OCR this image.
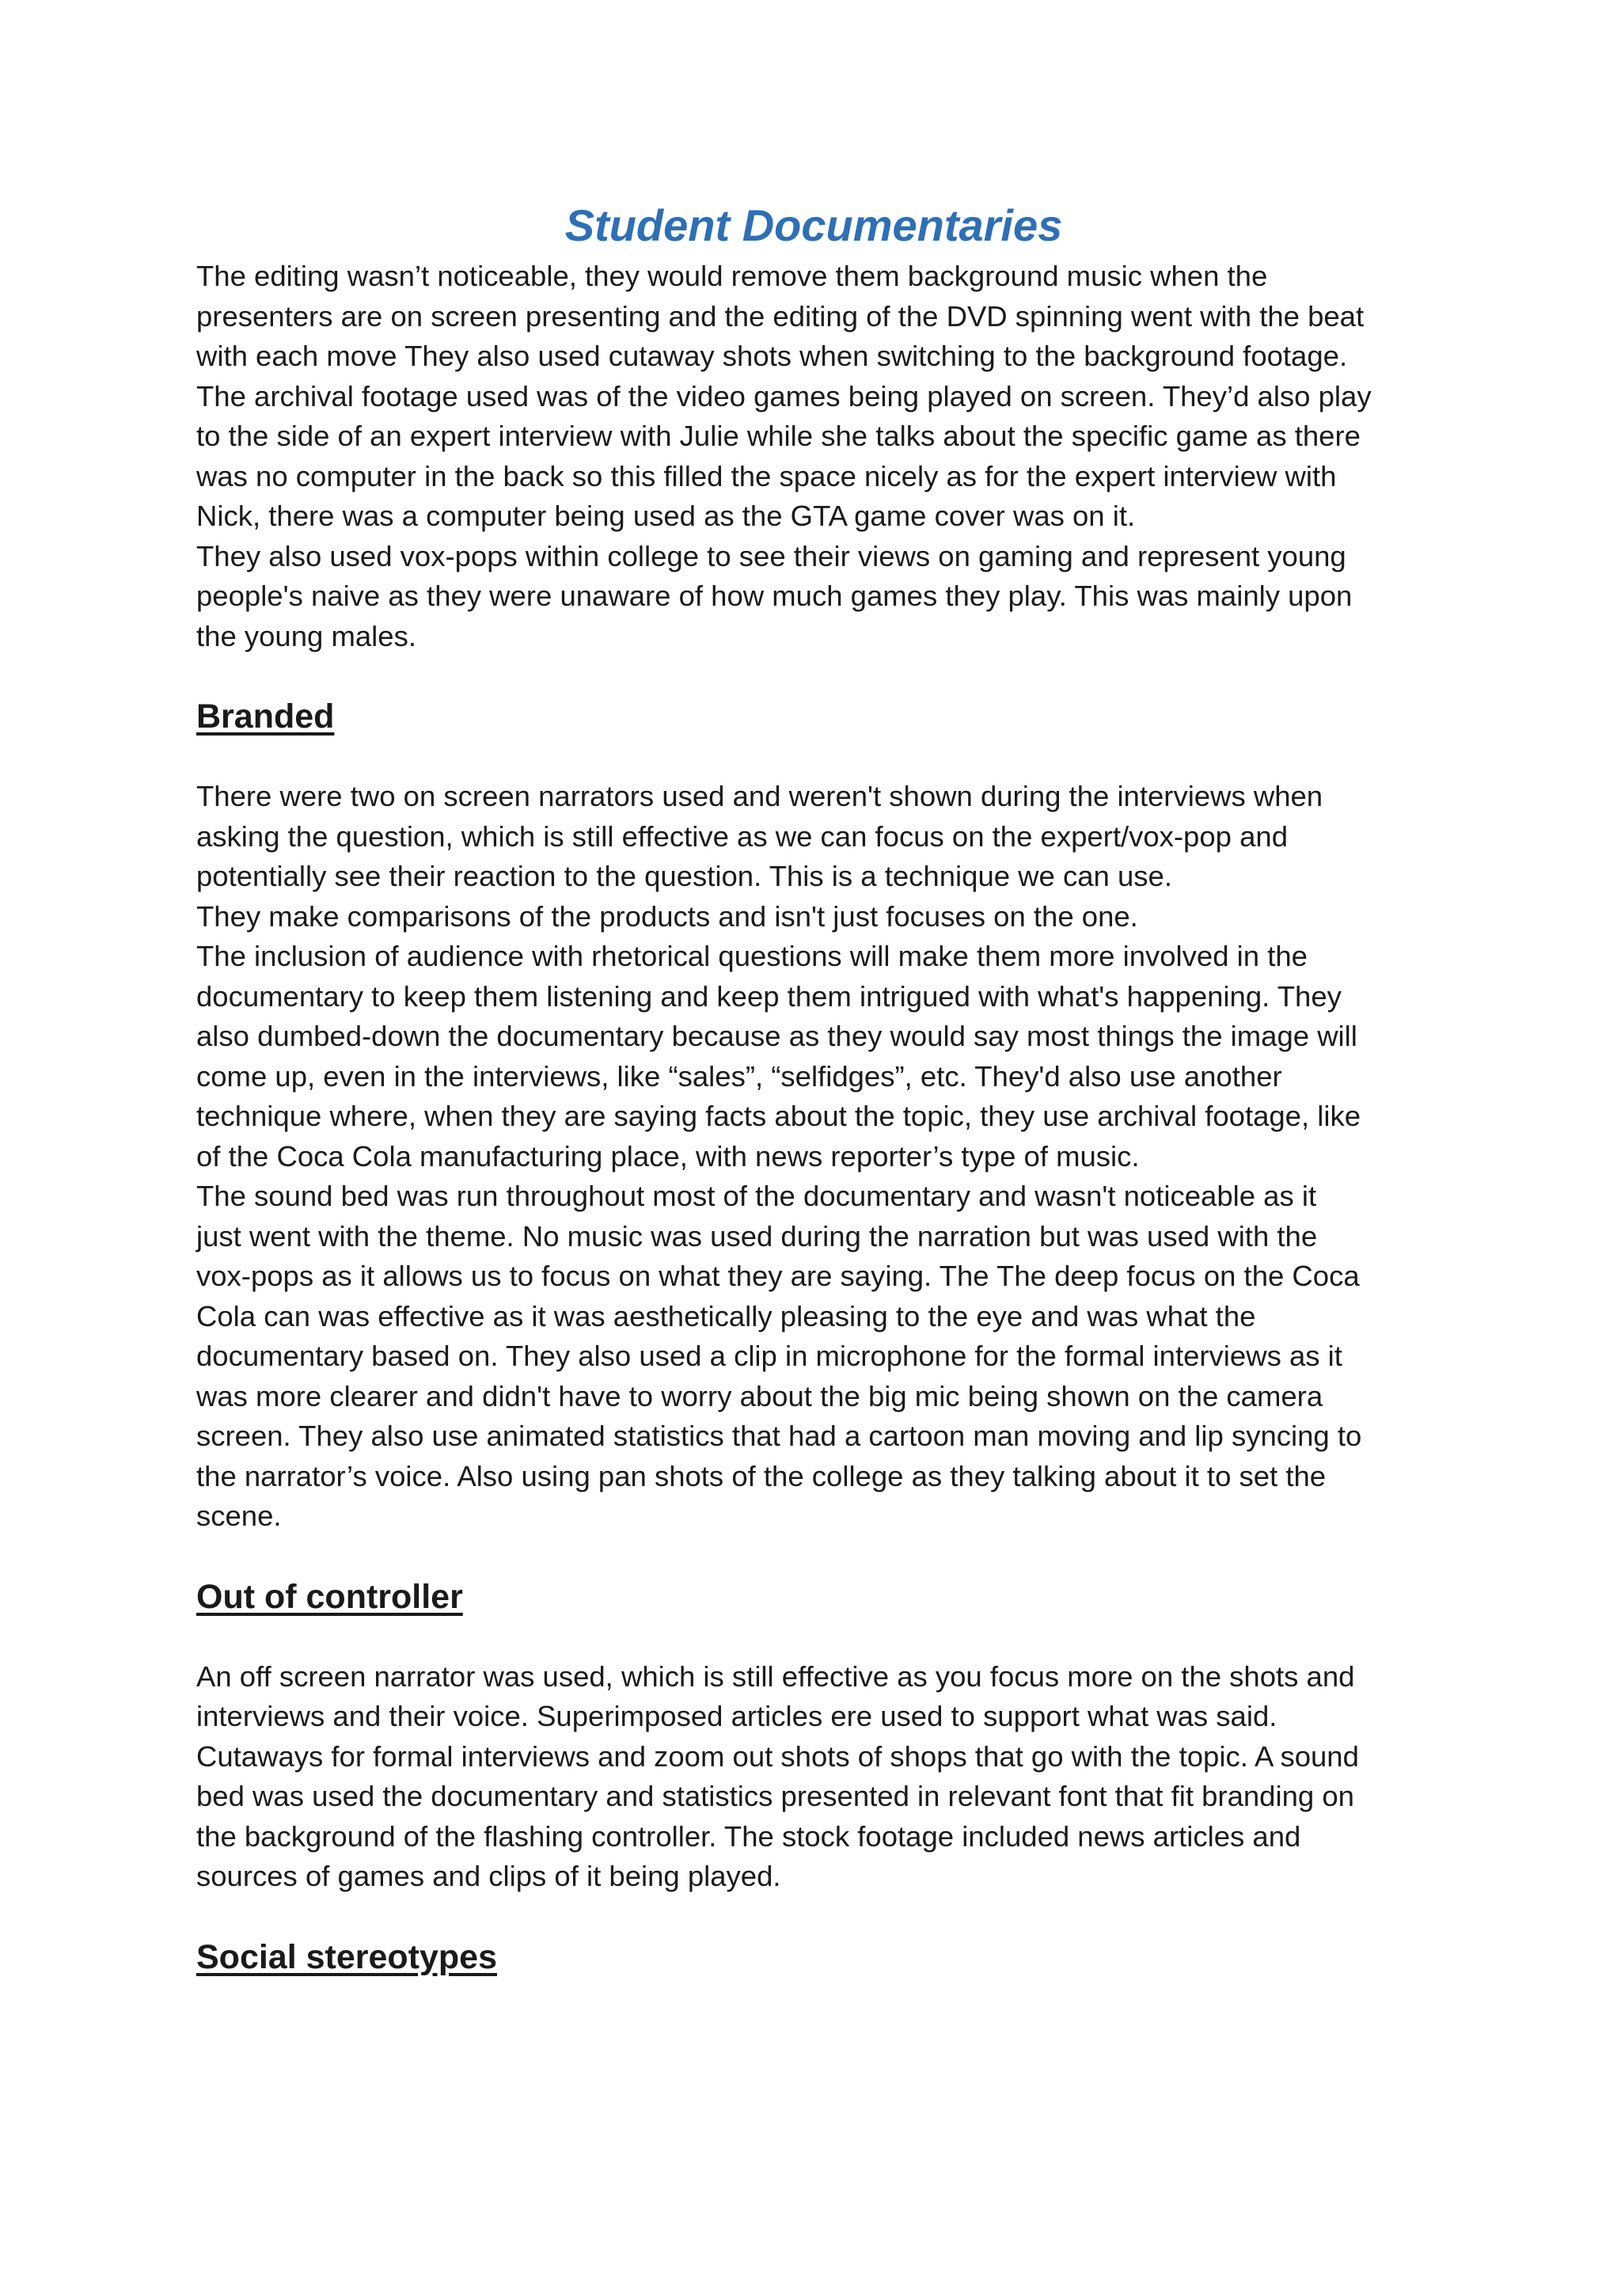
Student Documentaries
The editing wasn’t noticeable, they would remove them background music when the
presenters are on screen presenting and the editing of the DVD spinning went with the beat
with each move They also used cutaway shots when switching to the background footage.
The archival footage used was of the video games being played on screen. They’d also play
to the side of an expert interview with Julie while she talks about the specific game as there
was no computer in the back so this filled the space nicely as for the expert interview with
Nick, there was a computer being used as the GTA game cover was on it.
They also used vox-pops within college to see their views on gaming and represent young
people's naive as they were unaware of how much games they play. This was mainly upon
the young males.
Branded
There were two on screen narrators used and weren't shown during the interviews when
asking the question, which is still effective as we can focus on the expert/vox-pop and
potentially see their reaction to the question. This is a technique we can use.
They make comparisons of the products and isn't just focuses on the one.
The inclusion of audience with rhetorical questions will make them more involved in the
documentary to keep them listening and keep them intrigued with what's happening. They
also dumbed-down the documentary because as they would say most things the image will
come up, even in the interviews, like “sales”, “selfidges”, etc. They'd also use another
technique where, when they are saying facts about the topic, they use archival footage, like
of the Coca Cola manufacturing place, with news reporter’s type of music.
The sound bed was run throughout most of the documentary and wasn't noticeable as it
just went with the theme. No music was used during the narration but was used with the
vox-pops as it allows us to focus on what they are saying. The The deep focus on the Coca
Cola can was effective as it was aesthetically pleasing to the eye and was what the
documentary based on. They also used a clip in microphone for the formal interviews as it
was more clearer and didn't have to worry about the big mic being shown on the camera
screen. They also use animated statistics that had a cartoon man moving and lip syncing to
the narrator’s voice. Also using pan shots of the college as they talking about it to set the
scene.
Out of controller
An off screen narrator was used, which is still effective as you focus more on the shots and
interviews and their voice. Superimposed articles ere used to support what was said.
Cutaways for formal interviews and zoom out shots of shops that go with the topic. A sound
bed was used the documentary and statistics presented in relevant font that fit branding on
the background of the flashing controller. The stock footage included news articles and
sources of games and clips of it being played.
Social stereotypes
